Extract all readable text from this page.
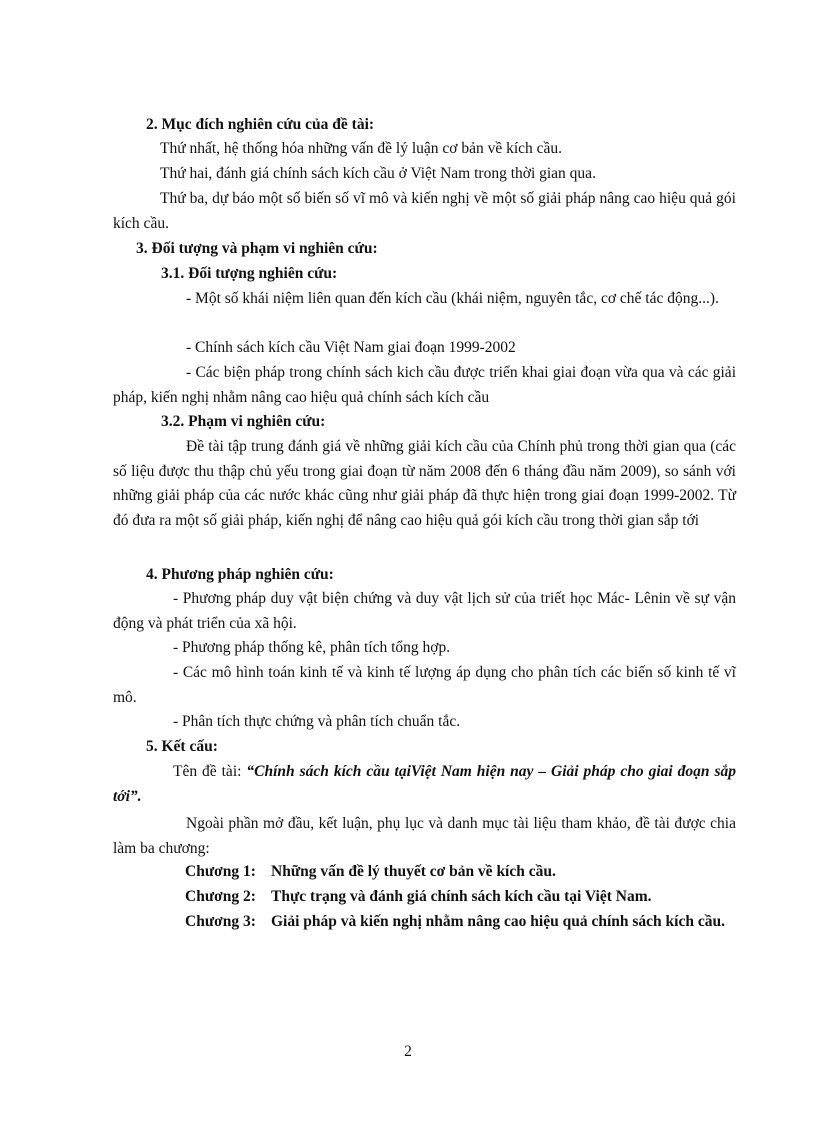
2. Mục đích nghiên cứu của đề tài:
Thứ nhất, hệ thống hóa những vấn đề lý luận cơ bản về kích cầu.
Thứ hai, đánh giá chính sách kích cầu ở Việt Nam trong thời gian qua.
Thứ ba, dự báo một số biến số vĩ mô và kiến nghị về một số giải pháp nâng cao hiệu quả gói kích cầu.
3. Đối tượng và phạm vi nghiên cứu:
3.1. Đối tượng nghiên cứu:
- Một số khái niệm liên quan đến kích cầu (khái niệm, nguyên tắc, cơ chế tác động...).
- Chính sách kích cầu Việt Nam giai đoạn 1999-2002
- Các biện pháp trong chính sách kich cầu được triển khai giai đoạn vừa qua và các giải pháp, kiến nghị nhằm nâng cao hiệu quả chính sách kích cầu
3.2. Phạm vi nghiên cứu:
Đề tài tập trung đánh giá về những giải kích cầu của Chính phủ trong thời gian qua (các số liệu được thu thập chủ yếu trong giai đoạn từ năm 2008 đến 6 tháng đầu năm 2009), so sánh với những giải pháp của các nước khác cũng như giải pháp đã thực hiện trong giai đoạn 1999-2002. Từ đó đưa ra một số giải pháp, kiến nghị để nâng cao hiệu quả gói kích cầu trong thời gian sắp tới
4. Phương pháp nghiên cứu:
- Phương pháp duy vật biện chứng và duy vật lịch sử của triết học Mác- Lênin về sự vận động và phát triển của xã hội.
- Phương pháp thống kê, phân tích tổng hợp.
- Các mô hình toán kinh tế và kinh tế lượng áp dụng cho phân tích các biến số kinh tế vĩ mô.
- Phân tích thực chứng và phân tích chuẩn tắc.
5. Kết cấu:
Tên đề tài: “Chính sách kích cầu tạiViệt Nam hiện nay – Giải pháp cho giai đoạn sắp tới”.
Ngoài phần mở đầu, kết luận, phụ lục và danh mục tài liệu tham khảo, đề tài được chia làm ba chương:
Chương 1: Những vấn đề lý thuyết cơ bản về kích cầu.
Chương 2: Thực trạng và đánh giá chính sách kích cầu tại Việt Nam.
Chương 3: Giải pháp và kiến nghị nhằm nâng cao hiệu quả chính sách kích cầu.
2
